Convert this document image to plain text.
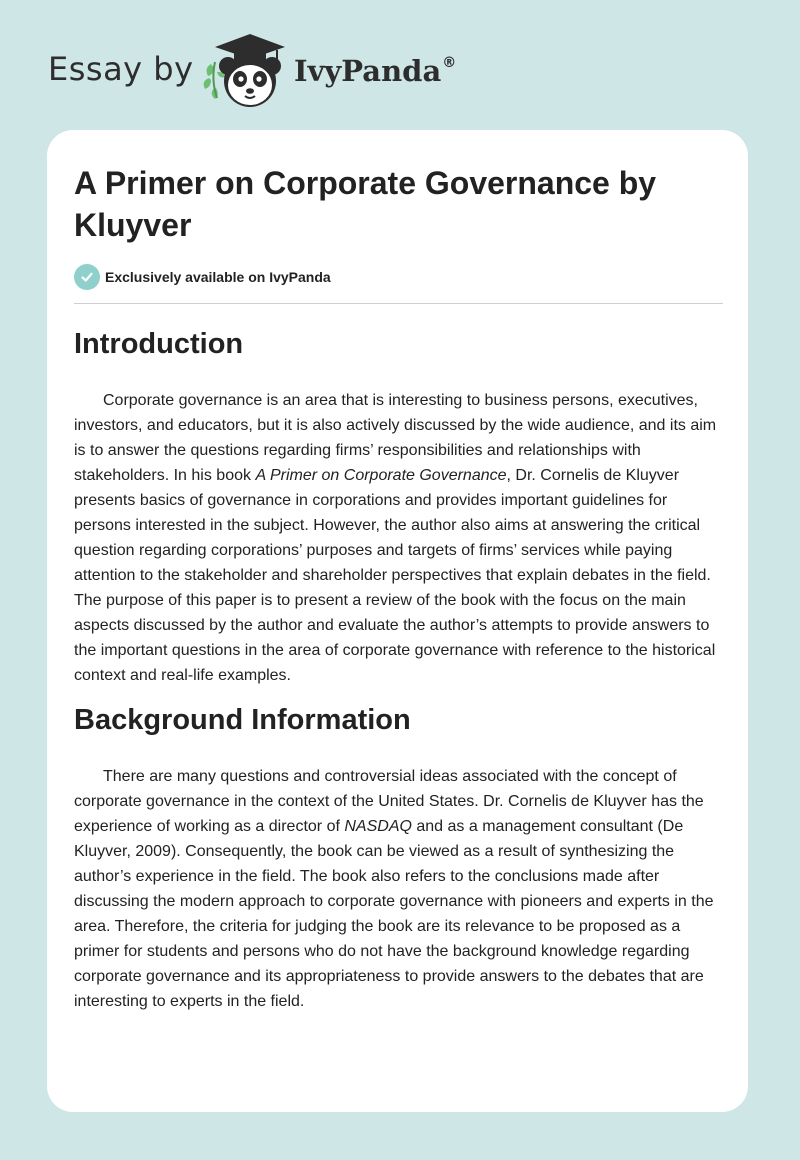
Essay by	IvyPanda®
A Primer on Corporate Governance by Kluyver
Exclusively available on IvyPanda
Introduction

Corporate governance is an area that is interesting to business persons, executives, investors, and educators, but it is also actively discussed by the wide audience, and its aim is to answer the questions regarding firms’ responsibilities and relationships with stakeholders. In his book A Primer on Corporate Governance, Dr. Cornelis de Kluyver presents basics of governance in corporations and provides important guidelines for persons interested in the subject. However, the author also aims at answering the critical question regarding corporations’ purposes and targets of firms’ services while paying attention to the stakeholder and shareholder perspectives that explain debates in the field. The purpose of this paper is to present a review of the book with the focus on the main aspects discussed by the author and evaluate the author’s attempts to provide answers to the important questions in the area of corporate governance with reference to the historical context and real-life examples.

Background Information

There are many questions and controversial ideas associated with the concept of corporate governance in the context of the United States. Dr. Cornelis de Kluyver has the experience of working as a director of NASDAQ and as a management consultant (De Kluyver, 2009). Consequently, the book can be viewed as a result of synthesizing the author’s experience in the field. The book also refers to the conclusions made after discussing the modern approach to corporate governance with pioneers and experts in the area. Therefore, the criteria for judging the book are its relevance to be proposed as a primer for students and persons who do not have the background knowledge regarding corporate governance and its appropriateness to provide answers to the debates that are interesting to experts in the field.
